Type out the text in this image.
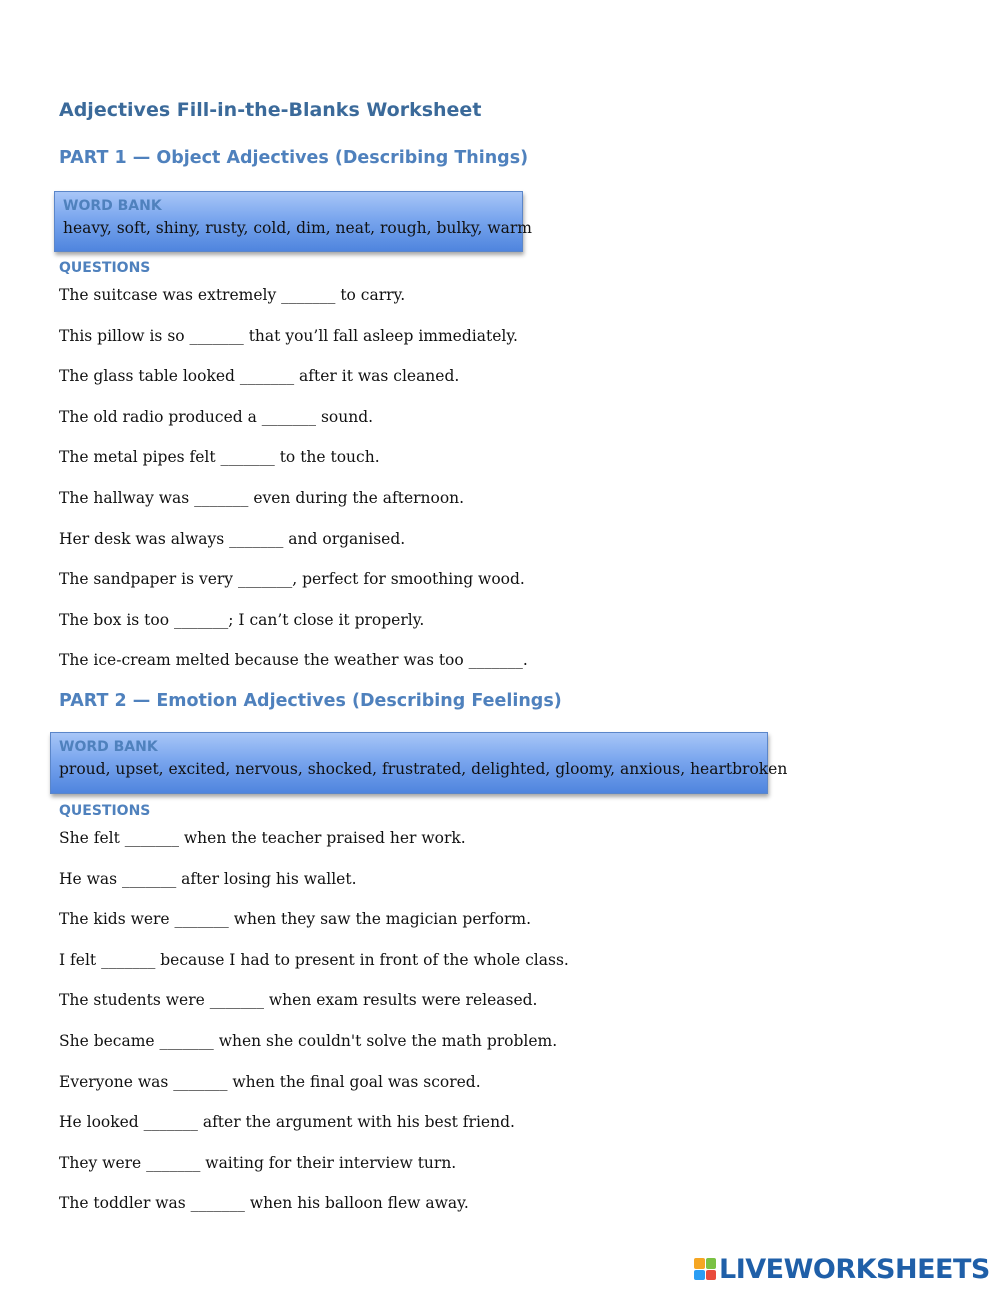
Adjectives Fill-in-the-Blanks Worksheet
PART 1 — Object Adjectives (Describing Things)
WORD BANK
heavy, soft, shiny, rusty, cold, dim, neat, rough, bulky, warm
QUESTIONS
The suitcase was extremely _______ to carry.
This pillow is so _______ that you’ll fall asleep immediately.
The glass table looked _______ after it was cleaned.
The old radio produced a _______ sound.
The metal pipes felt _______ to the touch.
The hallway was _______ even during the afternoon.
Her desk was always _______ and organised.
The sandpaper is very _______, perfect for smoothing wood.
The box is too _______; I can’t close it properly.
The ice-cream melted because the weather was too _______.
PART 2 — Emotion Adjectives (Describing Feelings)
WORD BANK
proud, upset, excited, nervous, shocked, frustrated, delighted, gloomy, anxious, heartbroken
QUESTIONS
She felt _______ when the teacher praised her work.
He was _______ after losing his wallet.
The kids were _______ when they saw the magician perform.
I felt _______ because I had to present in front of the whole class.
The students were _______ when exam results were released.
She became _______ when she couldn't solve the math problem.
Everyone was _______ when the final goal was scored.
He looked _______ after the argument with his best friend.
They were _______ waiting for their interview turn.
The toddler was _______ when his balloon flew away.
LIVEWORKSHEETS
